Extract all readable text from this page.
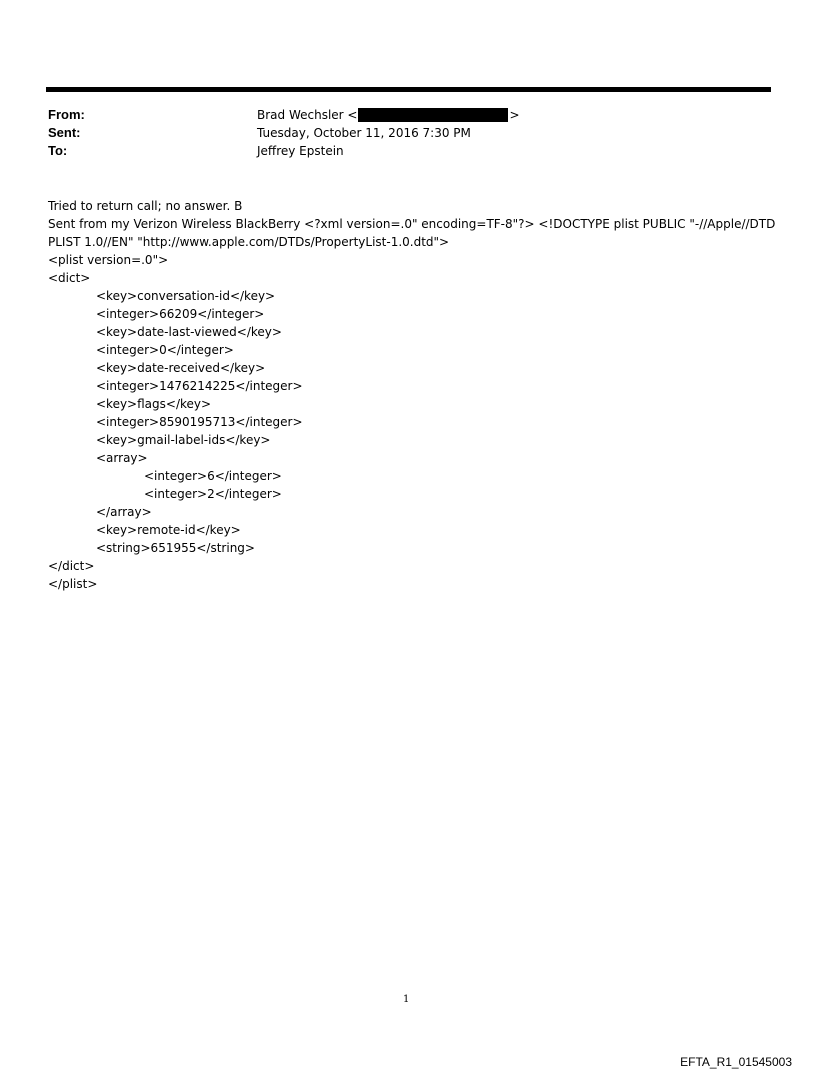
From:	Brad Wechsler <	>
Sent:	Tuesday, October 11, 2016 7:30 PM
To:	Jeffrey Epstein
Tried to return call; no answer. B
Sent from my Verizon Wireless BlackBerry <?xml version=.0" encoding=TF-8"?> <!DOCTYPE plist PUBLIC "-//Apple//DTD
PLIST 1.0//EN" "http://www.apple.com/DTDs/PropertyList-1.0.dtd">
<plist version=.0">
<dict>
<key>conversation-id</key>
<integer>66209</integer>
<key>date-last-viewed</key>
<integer>0</integer>
<key>date-received</key>
<integer>1476214225</integer>
<key>flags</key>
<integer>8590195713</integer>
<key>gmail-label-ids</key>
<array>
<integer>6</integer>
<integer>2</integer>
</array>
<key>remote-id</key>
<string>651955</string>
</dict>
</plist>
1
EFTA_R1_01545003
